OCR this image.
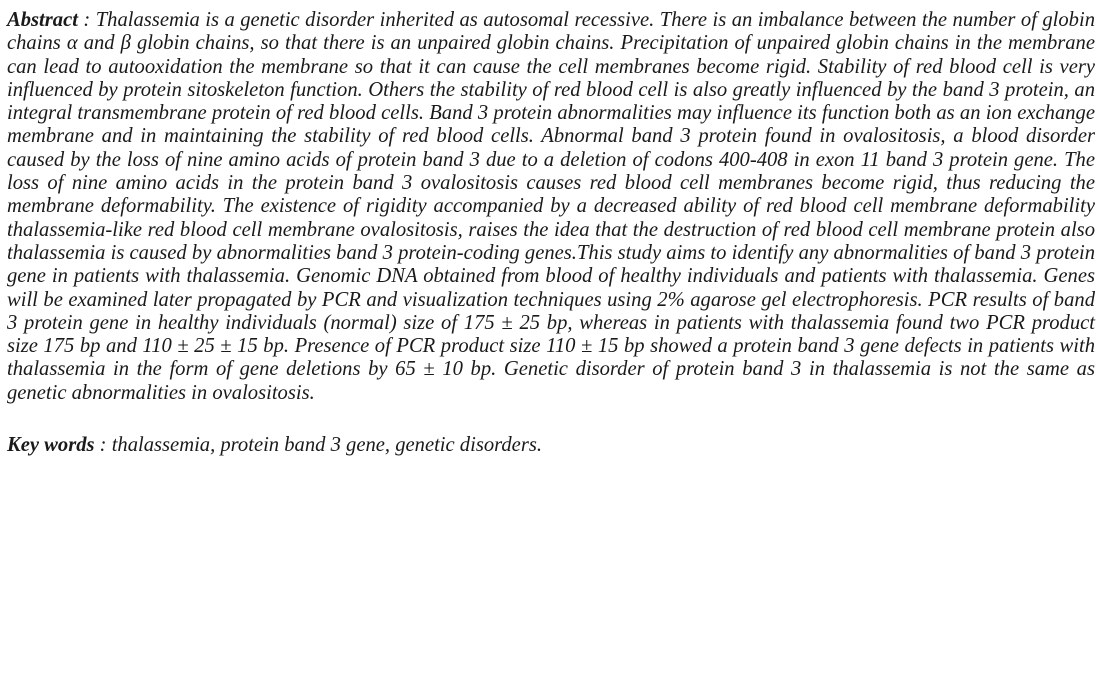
Abstract : Thalassemia is a genetic disorder inherited as autosomal recessive. There is an imbalance between the number of globin chains α and β globin chains, so that there is an unpaired globin chains. Precipitation of unpaired globin chains in the membrane can lead to autooxidation the membrane so that it can cause the cell membranes become rigid. Stability of red blood cell is very influenced by protein sitoskeleton function. Others the stability of red blood cell is also greatly influenced by the band 3 protein, an integral transmembrane protein of red blood cells. Band 3 protein abnormalities may influence its function both as an ion exchange membrane and in maintaining the stability of red blood cells. Abnormal band 3 protein found in ovalositosis, a blood disorder caused by the loss of nine amino acids of protein band 3 due to a deletion of codons 400-408 in exon 11 band 3 protein gene. The loss of nine amino acids in the protein band 3 ovalositosis causes red blood cell membranes become rigid, thus reducing the membrane deformability. The existence of rigidity accompanied by a decreased ability of red blood cell membrane deformability thalassemia-like red blood cell membrane ovalositosis, raises the idea that the destruction of red blood cell membrane protein also thalassemia is caused by abnormalities band 3 protein-coding genes.This study aims to identify any abnormalities of band 3 protein gene in patients with thalassemia. Genomic DNA obtained from blood of healthy individuals and patients with thalassemia. Genes will be examined later propagated by PCR and visualization techniques using 2% agarose gel electrophoresis. PCR results of band 3 protein gene in healthy individuals (normal) size of 175 ± 25 bp, whereas in patients with thalassemia found two PCR product size 175 bp and 110 ± 25 ± 15 bp. Presence of PCR product size 110 ± 15 bp showed a protein band 3 gene defects in patients with thalassemia in the form of gene deletions by 65 ± 10 bp. Genetic disorder of protein band 3 in thalassemia is not the same as genetic abnormalities in ovalositosis.

Key words : thalassemia, protein band 3 gene, genetic disorders.
